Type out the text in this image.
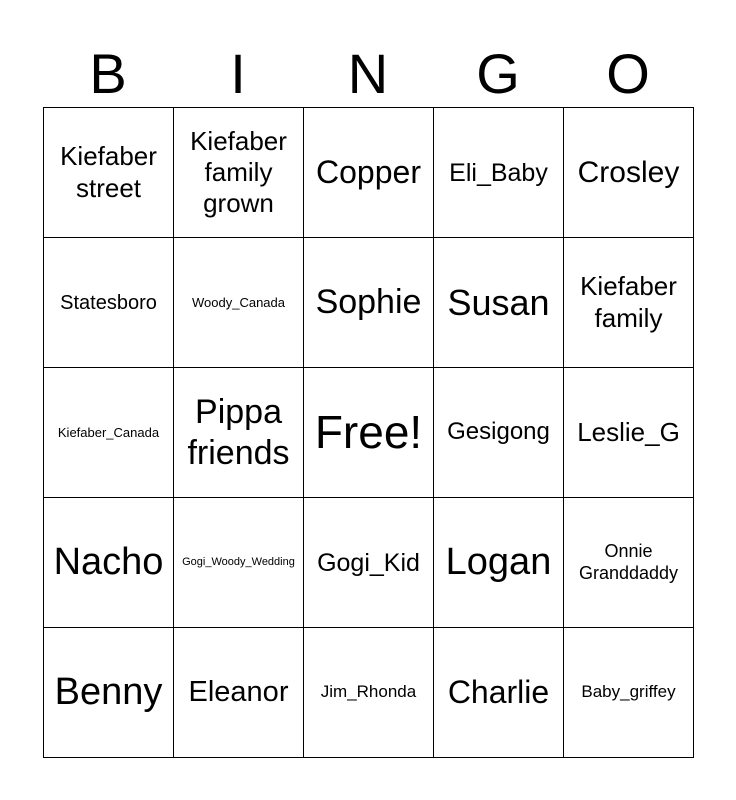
B	I	N	G	O
Kiefaber street	Kiefaber family grown	Copper	Eli_Baby	Crosley
Statesboro	Woody_Canada	Sophie	Susan	Kiefaber family
Kiefaber_Canada	Pippa friends	Free!	Gesigong	Leslie_G
Nacho	Gogi_Woody_Wedding	Gogi_Kid	Logan	Onnie Granddaddy
Benny	Eleanor	Jim_Rhonda	Charlie	Baby_griffey
